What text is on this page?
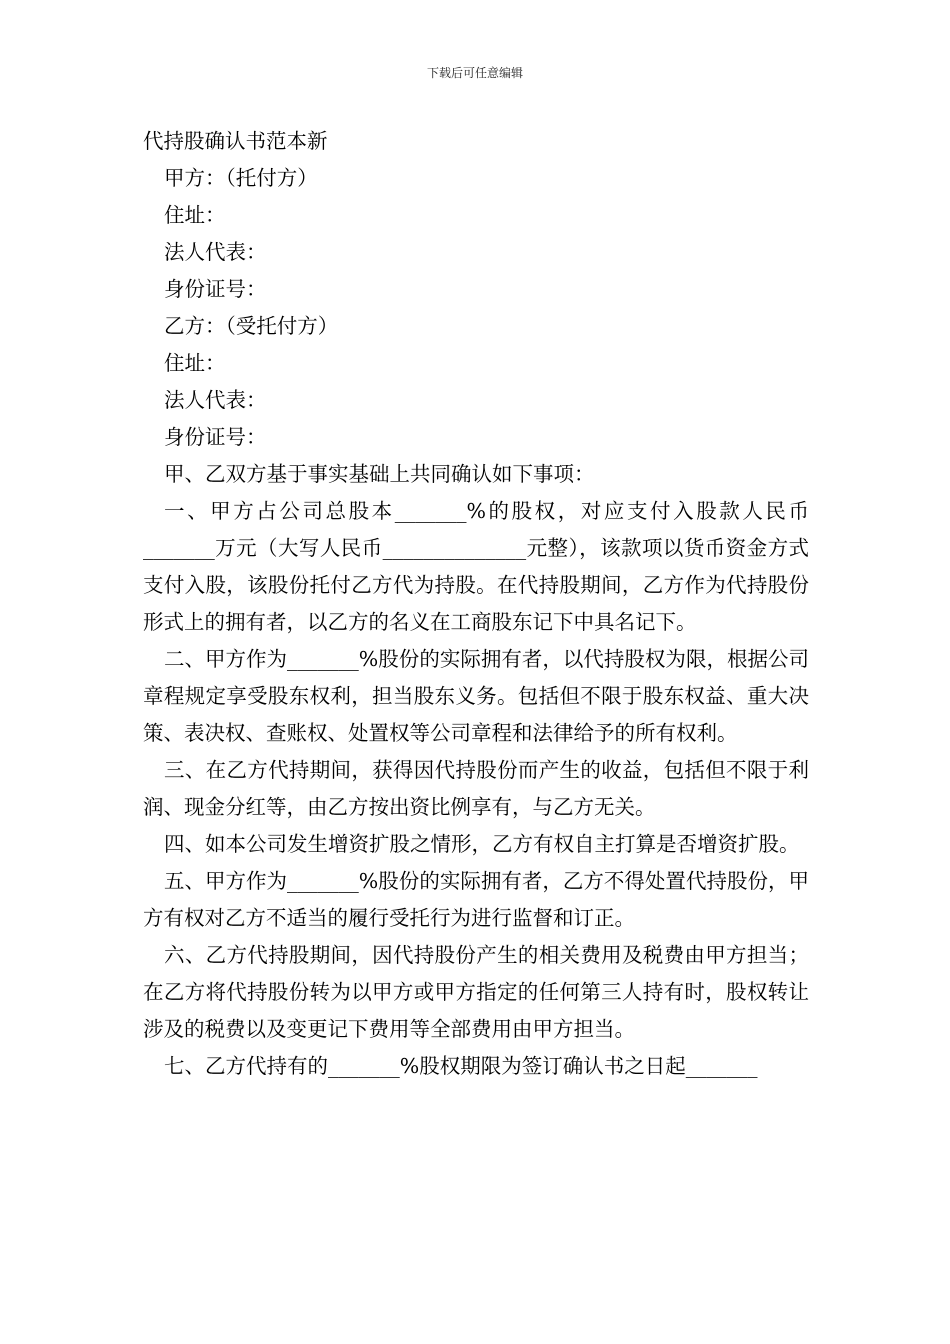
下载后可任意编辑
代持股确认书范本新
甲方：（托付方）
住址：
法人代表：
身份证号：
乙方：（受托付方）
住址：
法人代表：
身份证号：
甲、乙双方基于事实基础上共同确认如下事项：

一、甲方占公司总股本_______%的股权，对应支付入股款人民币_______万元（大写人民币______________元整），该款项以货币资金方式支付入股，该股份托付乙方代为持股。在代持股期间，乙方作为代持股份形式上的拥有者，以乙方的名义在工商股东记下中具名记下。

二、甲方作为_______%股份的实际拥有者，以代持股权为限，根据公司章程规定享受股东权利，担当股东义务。包括但不限于股东权益、重大决策、表决权、查账权、处置权等公司章程和法律给予的所有权利。

三、在乙方代持期间，获得因代持股份而产生的收益，包括但不限于利润、现金分红等，由乙方按出资比例享有，与乙方无关。

四、如本公司发生增资扩股之情形，乙方有权自主打算是否增资扩股。

五、甲方作为_______%股份的实际拥有者，乙方不得处置代持股份，甲方有权对乙方不适当的履行受托行为进行监督和订正。

六、乙方代持股期间，因代持股份产生的相关费用及税费由甲方担当；在乙方将代持股份转为以甲方或甲方指定的任何第三人持有时，股权转让涉及的税费以及变更记下费用等全部费用由甲方担当。

七、乙方代持有的_______%股权期限为签订确认书之日起_______
